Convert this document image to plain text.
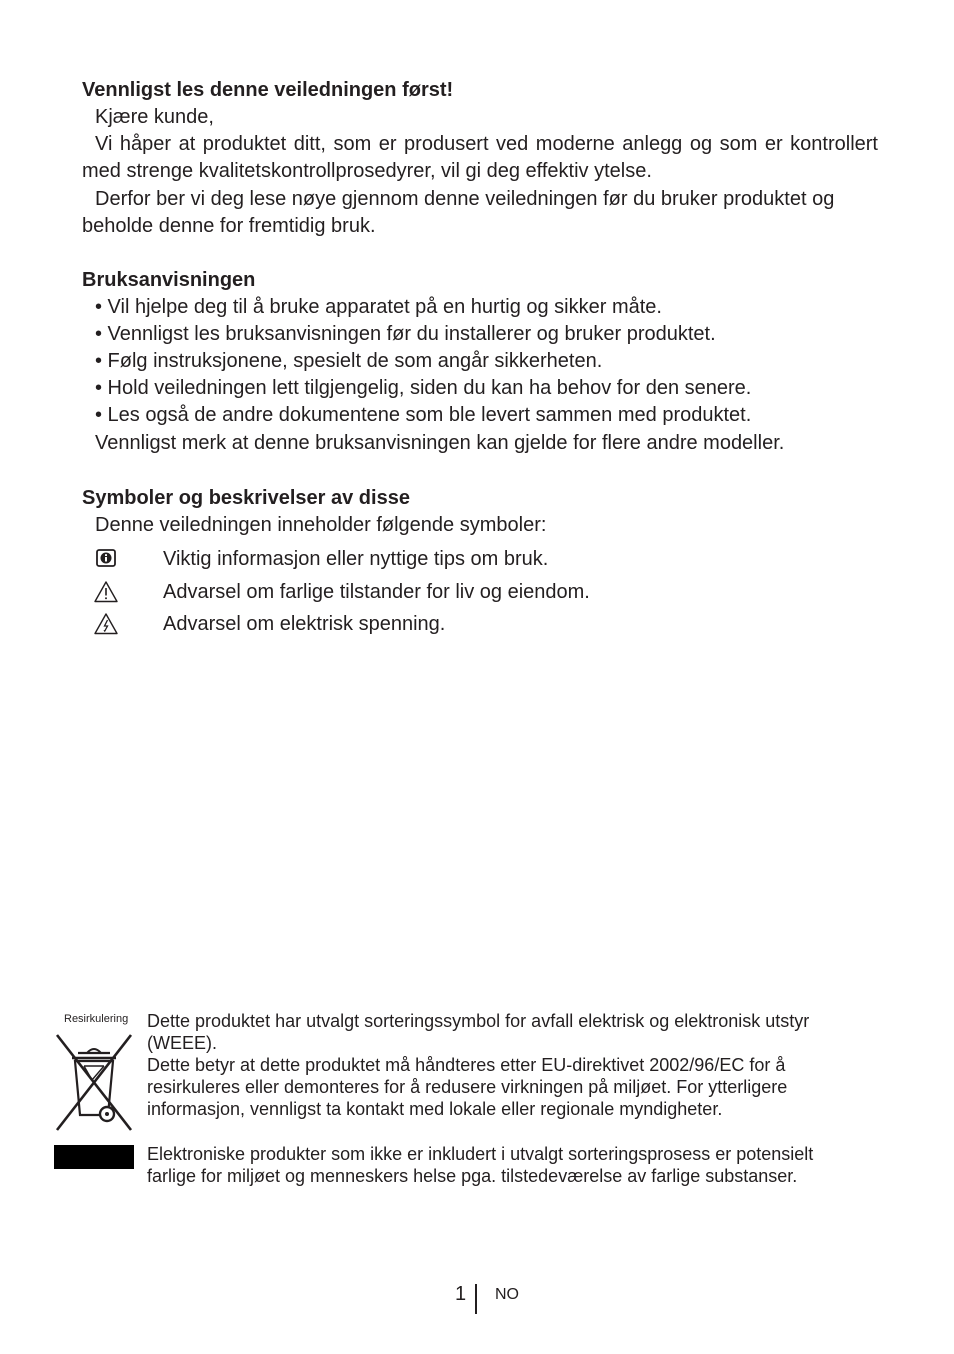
Vennligst les denne veiledningen først!

Kjære kunde,

Vi håper at produktet ditt, som er produsert ved moderne anlegg og som er kontrollert med strenge kvalitetskontrollprosedyrer, vil gi deg effektiv ytelse.

Derfor ber vi deg lese nøye gjennom denne veiledningen før du bruker produktet og beholde denne for fremtidig bruk.

Bruksanvisningen
• Vil hjelpe deg til å bruke apparatet på en hurtig og sikker måte.
• Vennligst les bruksanvisningen før du installerer og bruker produktet.
• Følg instruksjonene, spesielt de som angår sikkerheten.
• Hold veiledningen lett tilgjengelig, siden du kan ha behov for den senere.
• Les også de andre dokumentene som ble levert sammen med produktet.

Vennligst merk at denne bruksanvisningen kan gjelde for flere andre modeller.

Symboler og beskrivelser av disse

Denne veiledningen inneholder følgende symboler:

Viktig informasjon eller nyttige tips om bruk.
Advarsel om farlige tilstander for liv og eiendom.
Advarsel om elektrisk spenning.
Resirkulering Dette produktet har utvalgt sorteringssymbol for avfall elektrisk og elektronisk utstyr (WEEE).

Dette betyr at dette produktet må håndteres etter EU-direktivet 2002/96/EC for å resirkuleres eller demonteres for å redusere virkningen på miljøet. For ytterligere informasjon, vennligst ta kontakt med lokale eller regionale myndigheter.

Elektroniske produkter som ikke er inkludert i utvalgt sorteringsprosess er potensielt farlige for miljøet og menneskers helse pga. tilstedeværelse av farlige substanser.

1 NO
